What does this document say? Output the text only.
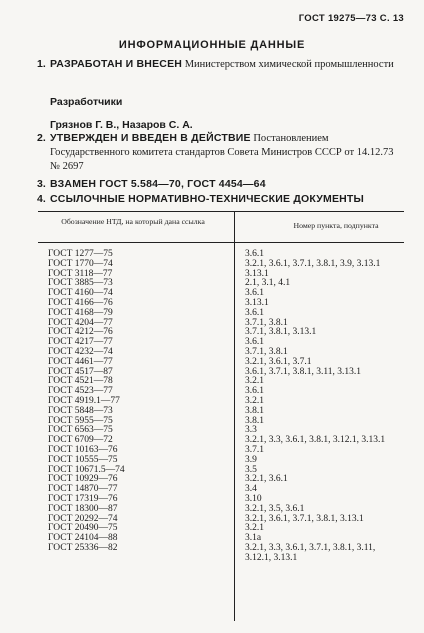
ГОСТ 19275—73 С. 13
ИНФОРМАЦИОННЫЕ ДАННЫЕ
1. РАЗРАБОТАН И ВНЕСЕН Министерством химической промышленности
Разработчики
Грязнов Г. В., Назаров С. А.
2. УТВЕРЖДЕН И ВВЕДЕН В ДЕЙСТВИЕ Постановлением Государственного комитета стандартов Совета Министров СССР от 14.12.73 № 2697
3. ВЗАМЕН ГОСТ 5.584—70, ГОСТ 4454—64
4. ССЫЛОЧНЫЕ НОРМАТИВНО-ТЕХНИЧЕСКИЕ ДОКУМЕНТЫ
Обозначение НТД, на который дана ссылка	Номер пункта, подпункта
ГОСТ 1277—75	3.6.1
ГОСТ 1770—74	3.2.1, 3.6.1, 3.7.1, 3.8.1, 3.9, 3.13.1
ГОСТ 3118—77	3.13.1
ГОСТ 3885—73	2.1, 3.1, 4.1
ГОСТ 4160—74	3.6.1
ГОСТ 4166—76	3.13.1
ГОСТ 4168—79	3.6.1
ГОСТ 4204—77	3.7.1, 3.8.1
ГОСТ 4212—76	3.7.1, 3.8.1, 3.13.1
ГОСТ 4217—77	3.6.1
ГОСТ 4232—74	3.7.1, 3.8.1
ГОСТ 4461—77	3.2.1, 3.6.1, 3.7.1
ГОСТ 4517—87	3.6.1, 3.7.1, 3.8.1, 3.11, 3.13.1
ГОСТ 4521—78	3.2.1
ГОСТ 4523—77	3.6.1
ГОСТ 4919.1—77	3.2.1
ГОСТ 5848—73	3.8.1
ГОСТ 5955—75	3.8.1
ГОСТ 6563—75	3.3
ГОСТ 6709—72	3.2.1, 3.3, 3.6.1, 3.8.1, 3.12.1, 3.13.1
ГОСТ 10163—76	3.7.1
ГОСТ 10555—75	3.9
ГОСТ 10671.5—74	3.5
ГОСТ 10929—76	3.2.1, 3.6.1
ГОСТ 14870—77	3.4
ГОСТ 17319—76	3.10
ГОСТ 18300—87	3.2.1, 3.5, 3.6.1
ГОСТ 20292—74	3.2.1, 3.6.1, 3.7.1, 3.8.1, 3.13.1
ГОСТ 20490—75	3.2.1
ГОСТ 24104—88	3.1а
ГОСТ 25336—82	3.2.1, 3.3, 3.6.1, 3.7.1, 3.8.1, 3.11, 3.12.1, 3.13.1
